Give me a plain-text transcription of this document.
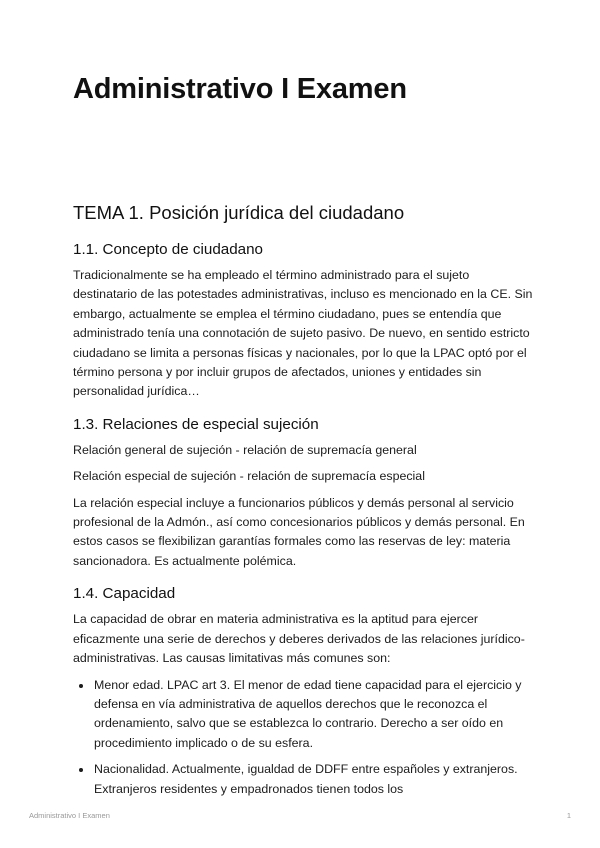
Administrativo I Examen
TEMA 1. Posición jurídica del ciudadano
1.1. Concepto de ciudadano

Tradicionalmente se ha empleado el término administrado para el sujeto destinatario de las potestades administrativas, incluso es mencionado en la CE. Sin embargo, actualmente se emplea el término ciudadano, pues se entendía que administrado tenía una connotación de sujeto pasivo. De nuevo, en sentido estricto ciudadano se limita a personas físicas y nacionales, por lo que la LPAC optó por el término persona y por incluir grupos de afectados, uniones y entidades sin personalidad jurídica…

1.3. Relaciones de especial sujeción

Relación general de sujeción - relación de supremacía general

Relación especial de sujeción - relación de supremacía especial

La relación especial incluye a funcionarios públicos y demás personal al servicio profesional de la Admón., así como concesionarios públicos y demás personal. En estos casos se flexibilizan garantías formales como las reservas de ley: materia sancionadora. Es actualmente polémica.

1.4. Capacidad

La capacidad de obrar en materia administrativa es la aptitud para ejercer eficazmente una serie de derechos y deberes derivados de las relaciones jurídico-administrativas. Las causas limitativas más comunes son:

Menor edad. LPAC art 3. El menor de edad tiene capacidad para el ejercicio y defensa en vía administrativa de aquellos derechos que le reconozca el ordenamiento, salvo que se establezca lo contrario. Derecho a ser oído en procedimiento implicado o de su esfera.
Nacionalidad. Actualmente, igualdad de DDFF entre españoles y extranjeros. Extranjeros residentes y empadronados tienen todos los
Administrativo I Examen	1
